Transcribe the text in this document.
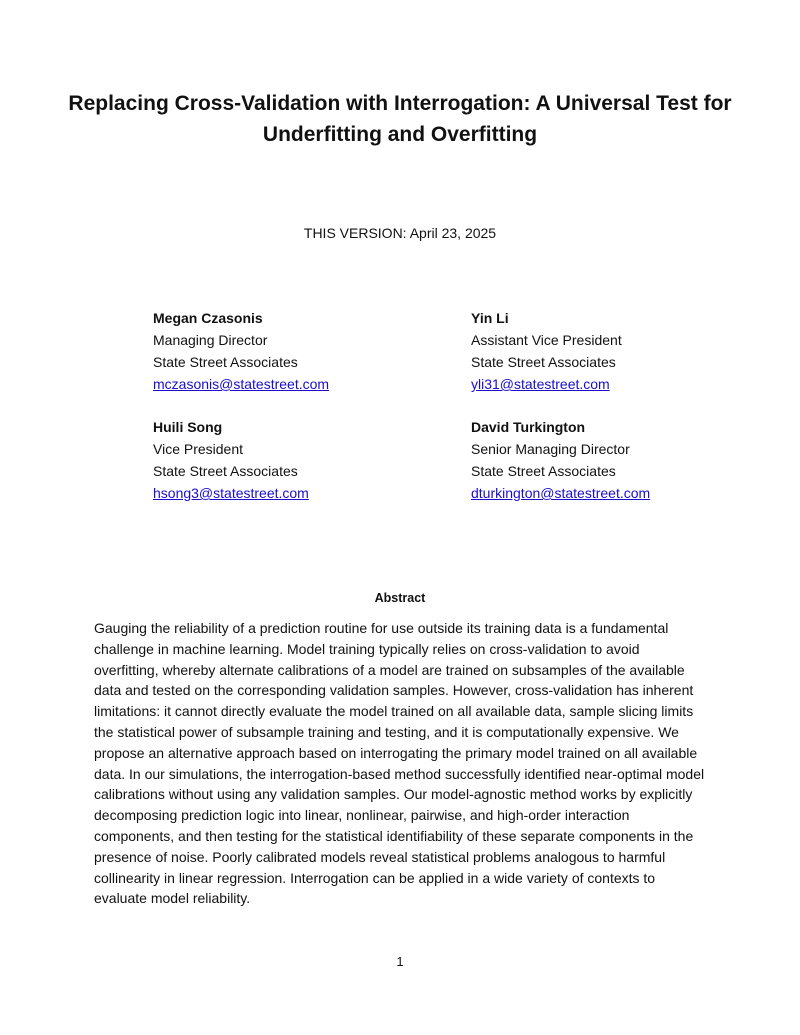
Replacing Cross-Validation with Interrogation: A Universal Test for Underfitting and Overfitting
THIS VERSION: April 23, 2025
Megan Czasonis
Managing Director
State Street Associates
mczasonis@statestreet.com
Yin Li
Assistant Vice President
State Street Associates
yli31@statestreet.com
Huili Song
Vice President
State Street Associates
hsong3@statestreet.com
David Turkington
Senior Managing Director
State Street Associates
dturkington@statestreet.com
Abstract

Gauging the reliability of a prediction routine for use outside its training data is a fundamental challenge in machine learning. Model training typically relies on cross-validation to avoid overfitting, whereby alternate calibrations of a model are trained on subsamples of the available data and tested on the corresponding validation samples. However, cross-validation has inherent limitations: it cannot directly evaluate the model trained on all available data, sample slicing limits the statistical power of subsample training and testing, and it is computationally expensive. We propose an alternative approach based on interrogating the primary model trained on all available data. In our simulations, the interrogation-based method successfully identified near-optimal model calibrations without using any validation samples. Our model-agnostic method works by explicitly decomposing prediction logic into linear, nonlinear, pairwise, and high-order interaction components, and then testing for the statistical identifiability of these separate components in the presence of noise. Poorly calibrated models reveal statistical problems analogous to harmful collinearity in linear regression. Interrogation can be applied in a wide variety of contexts to evaluate model reliability.

1
